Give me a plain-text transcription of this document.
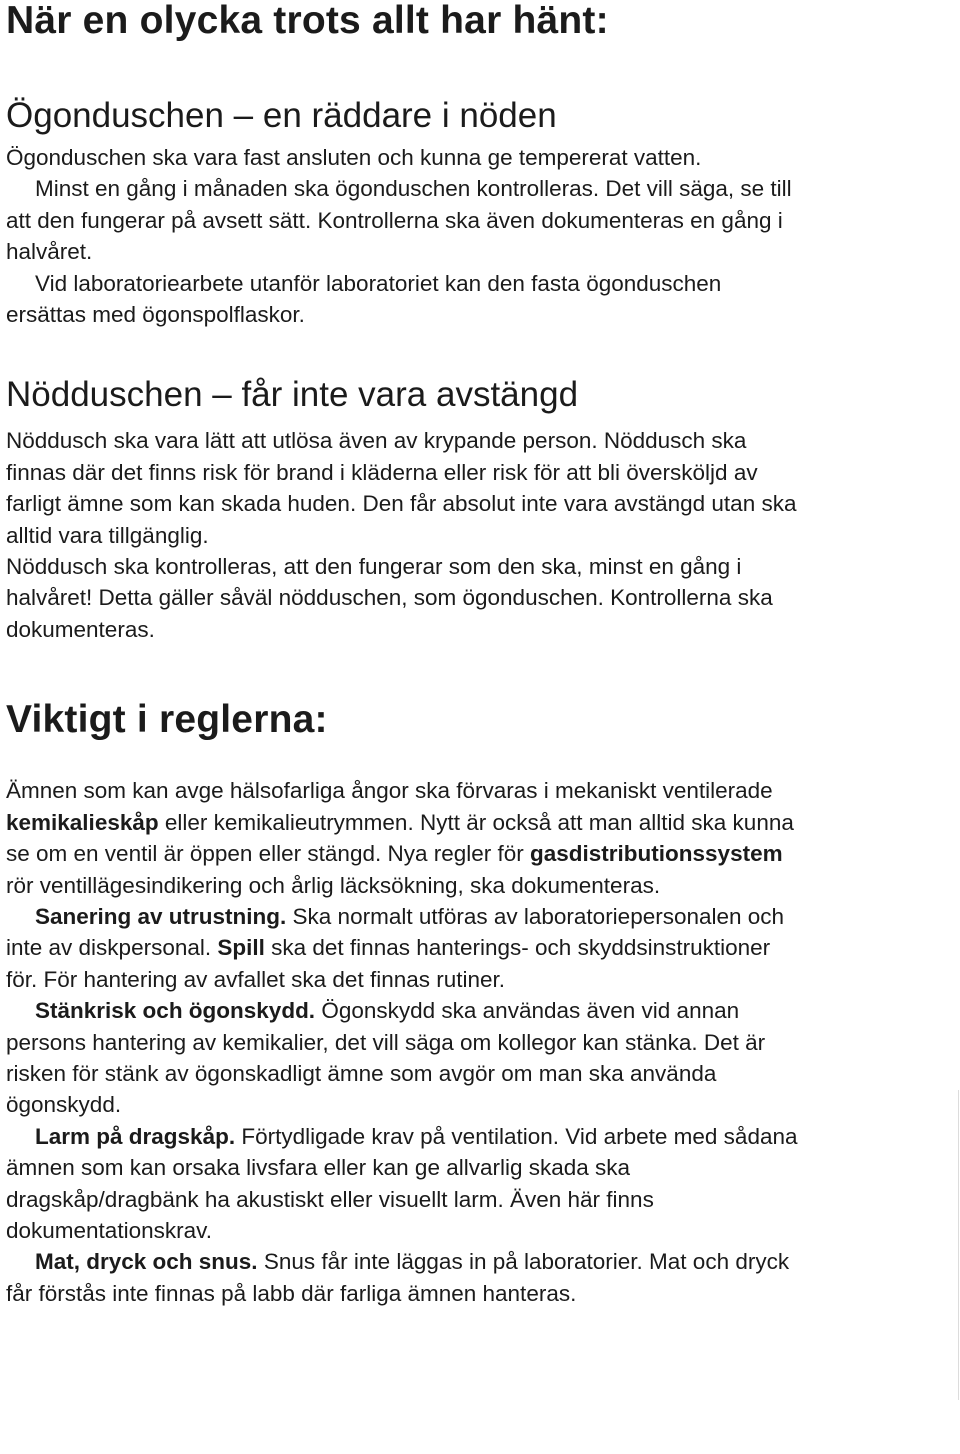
När en olycka trots allt har hänt:
Ögonduschen – en räddare i nöden

Ögonduschen ska vara fast ansluten och kunna ge tempererat vatten.

Minst en gång i månaden ska ögonduschen kontrolleras. Det vill säga, se till att den fungerar på avsett sätt. Kontrollerna ska även dokumenteras en gång i halvåret.

Vid laboratoriearbete utanför laboratoriet kan den fasta ögonduschen ersättas med ögonspolflaskor.

Nödduschen – får inte vara avstängd

Nöddusch ska vara lätt att utlösa även av krypande person. Nöddusch ska finnas där det finns risk för brand i kläderna eller risk för att bli översköljd av farligt ämne som kan skada huden. Den får absolut inte vara avstängd utan ska alltid vara tillgänglig.

Nöddusch ska kontrolleras, att den fungerar som den ska, minst en gång i halvåret! Detta gäller såväl nödduschen, som ögonduschen. Kontrollerna ska dokumenteras.

Viktigt i reglerna:

Ämnen som kan avge hälsofarliga ångor ska förvaras i mekaniskt ventilerade kemikalieskåp eller kemikalieutrymmen. Nytt är också att man alltid ska kunna se om en ventil är öppen eller stängd. Nya regler för gasdistributionssystem rör ventillägesindikering och årlig läcksökning, ska dokumenteras.

Sanering av utrustning. Ska normalt utföras av laboratoriepersonalen och inte av diskpersonal. Spill ska det finnas hanterings- och skyddsinstruktioner för. För hantering av avfallet ska det finnas rutiner.

Stänkrisk och ögonskydd. Ögonskydd ska användas även vid annan persons hantering av kemikalier, det vill säga om kollegor kan stänka. Det är risken för stänk av ögonskadligt ämne som avgör om man ska använda ögonskydd.

Larm på dragskåp. Förtydligade krav på ventilation. Vid arbete med sådana ämnen som kan orsaka livsfara eller kan ge allvarlig skada ska dragskåp/dragbänk ha akustiskt eller visuellt larm. Även här finns dokumentationskrav.

Mat, dryck och snus. Snus får inte läggas in på laboratorier. Mat och dryck får förstås inte finnas på labb där farliga ämnen hanteras.
